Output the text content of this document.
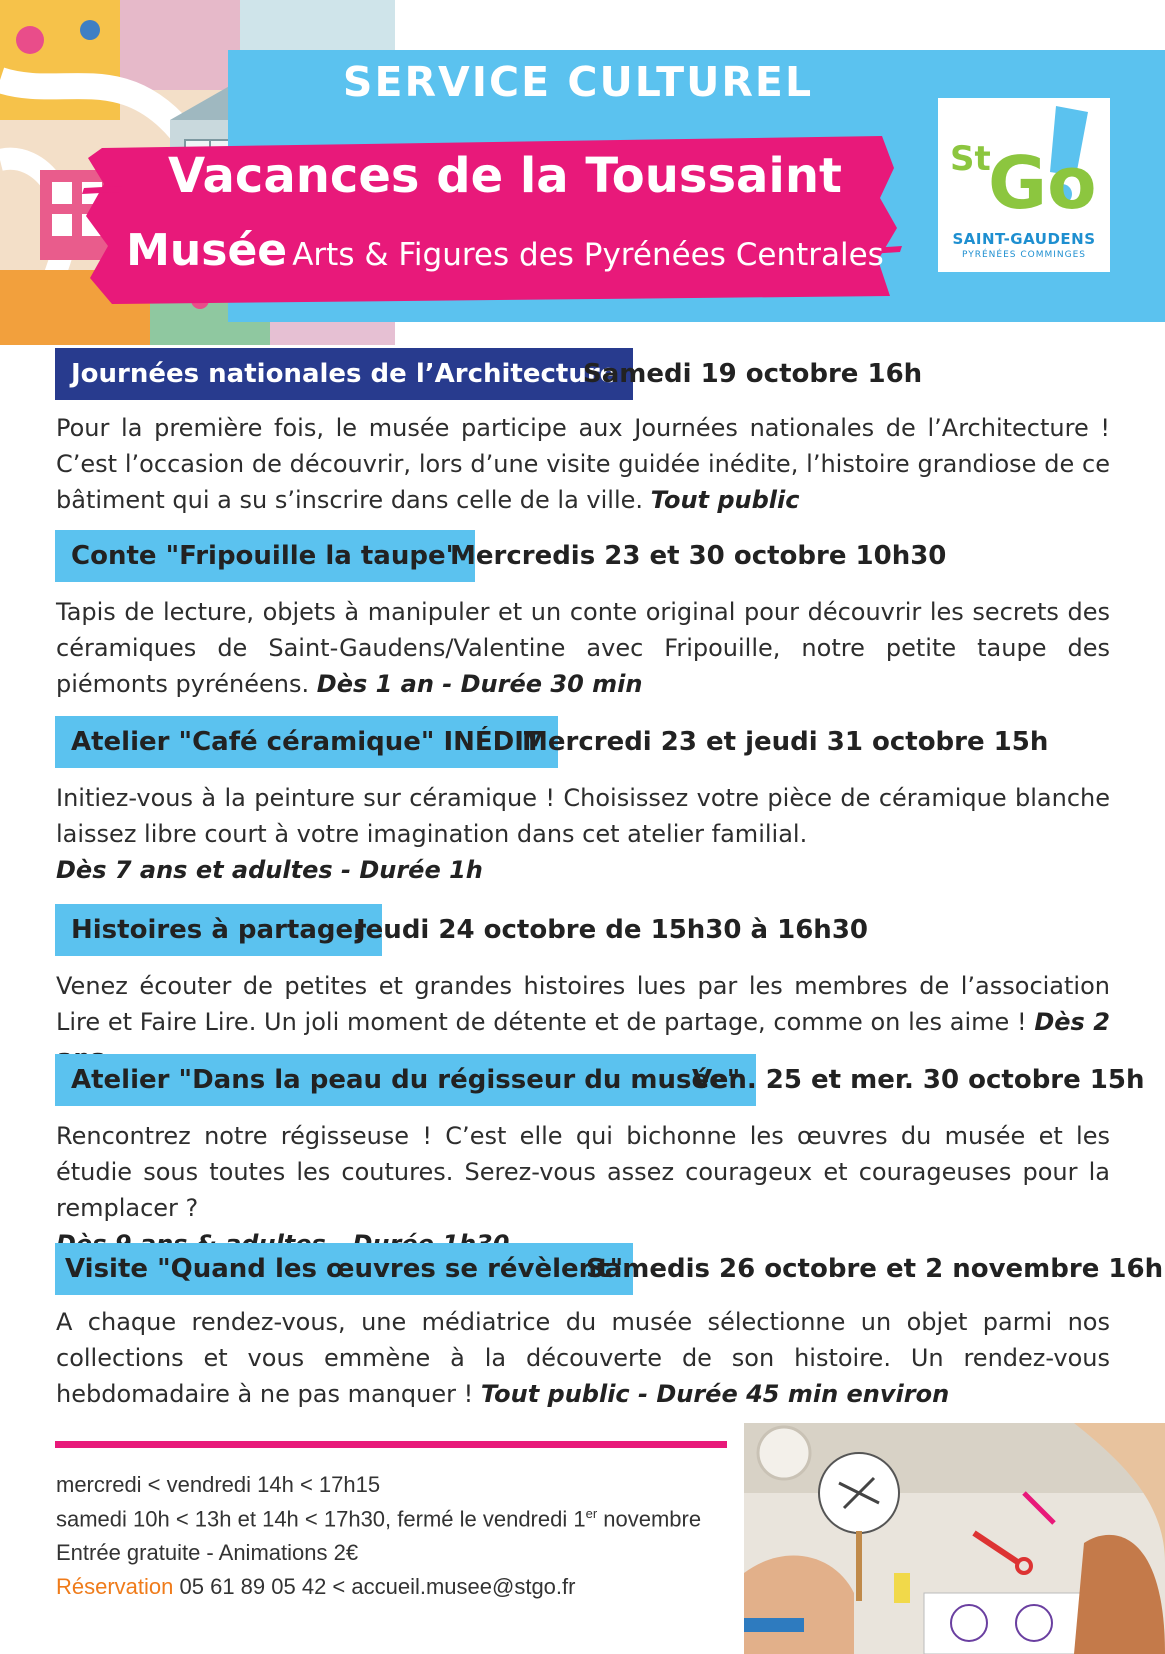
SERVICE CULTUREL
Vacances de la Toussaint
Musée Arts & Figures des Pyrénées Centrales
St
Go
SAINT-GAUDENS
PYRÉNÉES COMMINGES
Journées nationales de l’Architecture
Samedi 19 octobre 16h
Pour la première fois, le musée participe aux Journées nationales de l’Architecture ! C’est l’occasion de découvrir, lors d’une visite guidée inédite, l’histoire grandiose de ce bâtiment qui a su s’inscrire dans celle de la ville. Tout public
Conte "Fripouille la taupe"
Mercredis 23 et 30 octobre 10h30
Tapis de lecture, objets à manipuler et un conte original pour découvrir les secrets des céramiques de Saint-Gaudens/Valentine avec Fripouille, notre petite taupe des piémonts pyrénéens. Dès 1 an - Durée 30 min
Atelier "Café céramique" INÉDIT
Mercredi 23 et jeudi 31 octobre 15h
Initiez-vous à la peinture sur céramique ! Choisissez votre pièce de céramique blanche laissez libre court à votre imagination dans cet atelier familial.
Dès 7 ans et adultes - Durée 1h
Histoires à partager
Jeudi 24 octobre de 15h30 à 16h30
Venez écouter de petites et grandes histoires lues par les membres de l’association Lire et Faire Lire. Un joli moment de détente et de partage, comme on les aime ! Dès 2
Atelier "Dans la peau du régisseur du musée"
Ven. 25 et mer. 30 octobre 15h
Rencontrez notre régisseuse ! C’est elle qui bichonne les œuvres du musée et les étudie sous toutes les coutures. Serez-vous assez courageux et courageuses pour la remplacer ?

Visite "Quand les œuvres se révèlent"
Samedis 26 octobre et 2 novembre 16h
A chaque rendez-vous, une médiatrice du musée sélectionne un objet parmi nos collections et vous emmène à la découverte de son histoire. Un rendez-vous hebdomadaire à ne pas manquer ! Tout public - Durée 45 min environ
mercredi < vendredi 14h < 17h15
samedi 10h < 13h et 14h < 17h30, fermé le vendredi 1er novembre
Entrée gratuite - Animations 2€
Réservation 05 61 89 05 42 < accueil.musee@stgo.fr
